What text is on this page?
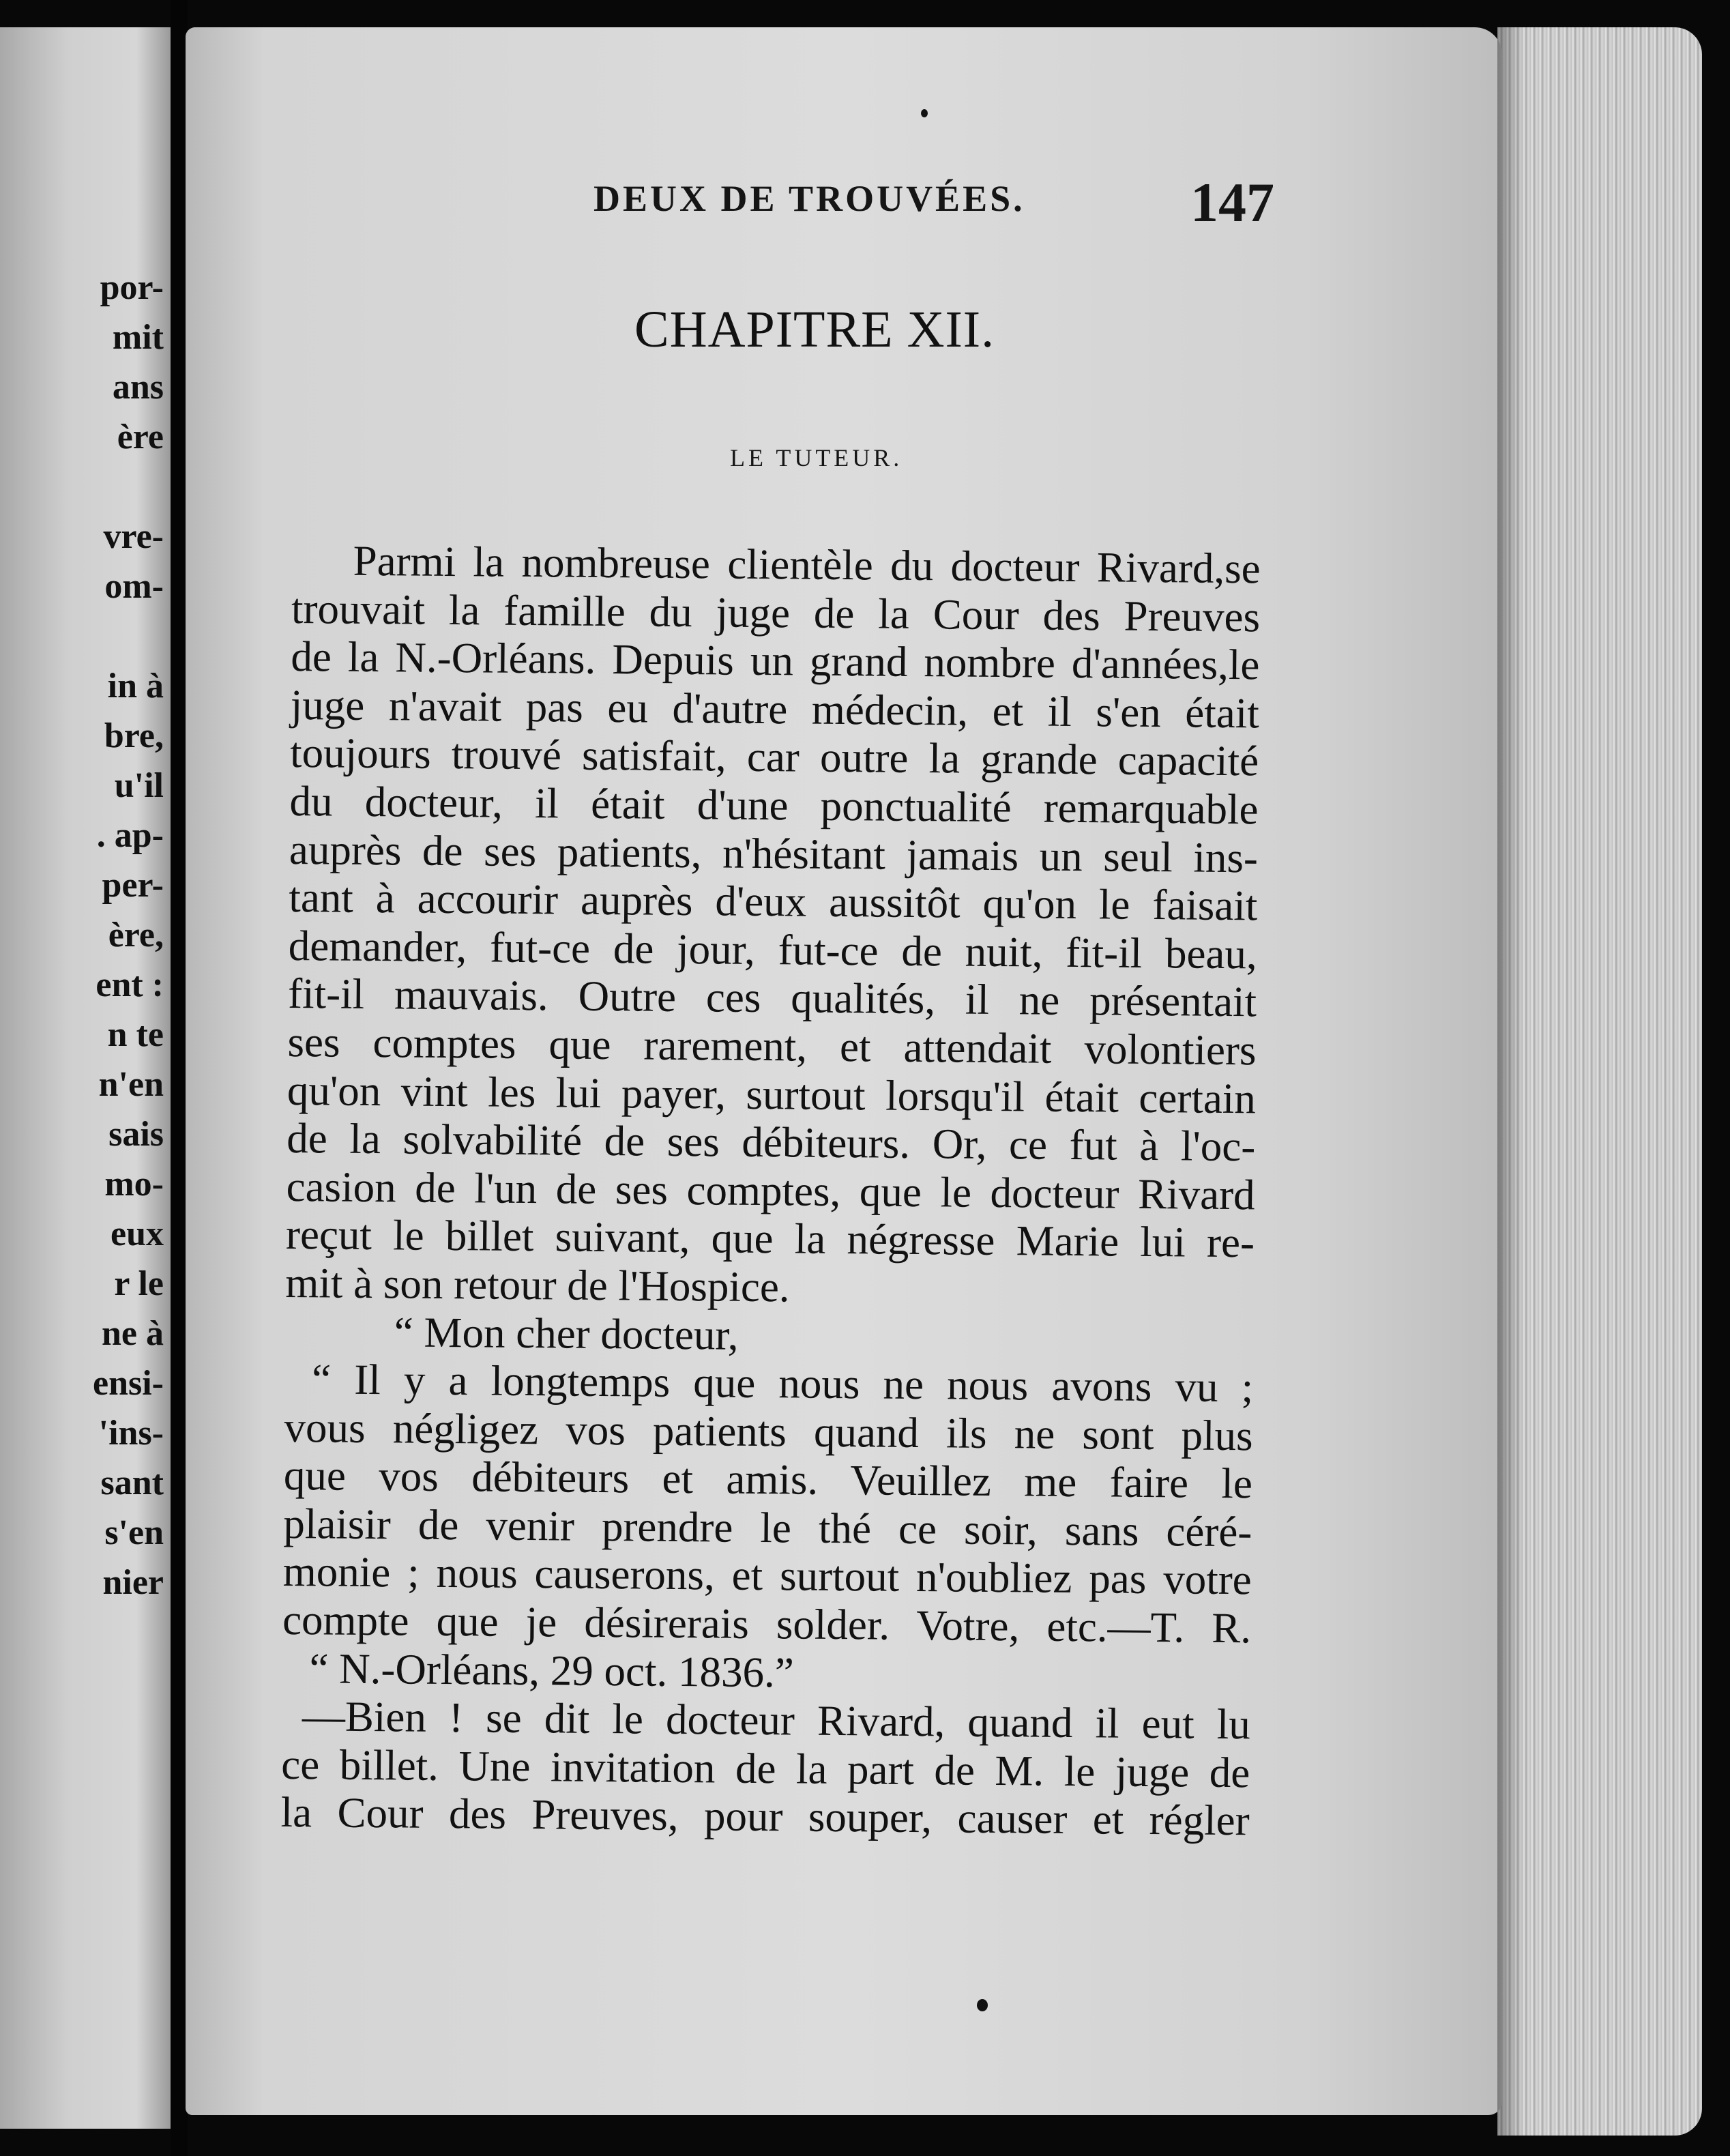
por-
mit
ans
ère
vre-
om-
in à
bre,
u'il
. ap-
per-
ère,
ent :
n te
n'en
sais
mo-
eux
r le
ne à
ensi-
'ins-
sant
s'en
nier
DEUX DE TROUVÉES.	147
CHAPITRE XII.
LE TUTEUR.
Parmi la nombreuse clientèle du docteur Rivard,se
trouvait la famille du juge de la Cour des Preuves
de la N.-Orléans. Depuis un grand nombre d'années,le
juge n'avait pas eu d'autre médecin, et il s'en était
toujours trouvé satisfait, car outre la grande capacité
du docteur, il était d'une ponctualité remarquable
auprès de ses patients, n'hésitant jamais un seul ins-
tant à accourir auprès d'eux aussitôt qu'on le faisait
demander, fut-ce de jour, fut-ce de nuit, fit-il beau,
fit-il mauvais. Outre ces qualités, il ne présentait
ses comptes que rarement, et attendait volontiers
qu'on vint les lui payer, surtout lorsqu'il était certain
de la solvabilité de ses débiteurs. Or, ce fut à l'oc-
casion de l'un de ses comptes, que le docteur Rivard
reçut le billet suivant, que la négresse Marie lui re-
mit à son retour de l'Hospice.
“ Mon cher docteur,
“ Il y a longtemps que nous ne nous avons vu ;
vous négligez vos patients quand ils ne sont plus
que vos débiteurs et amis. Veuillez me faire le
plaisir de venir prendre le thé ce soir, sans céré-
monie ; nous causerons, et surtout n'oubliez pas votre
compte que je désirerais solder. Votre, etc.—T. R.
“ N.-Orléans, 29 oct. 1836.”
—Bien ! se dit le docteur Rivard, quand il eut lu
ce billet. Une invitation de la part de M. le juge de
la Cour des Preuves, pour souper, causer et régler
